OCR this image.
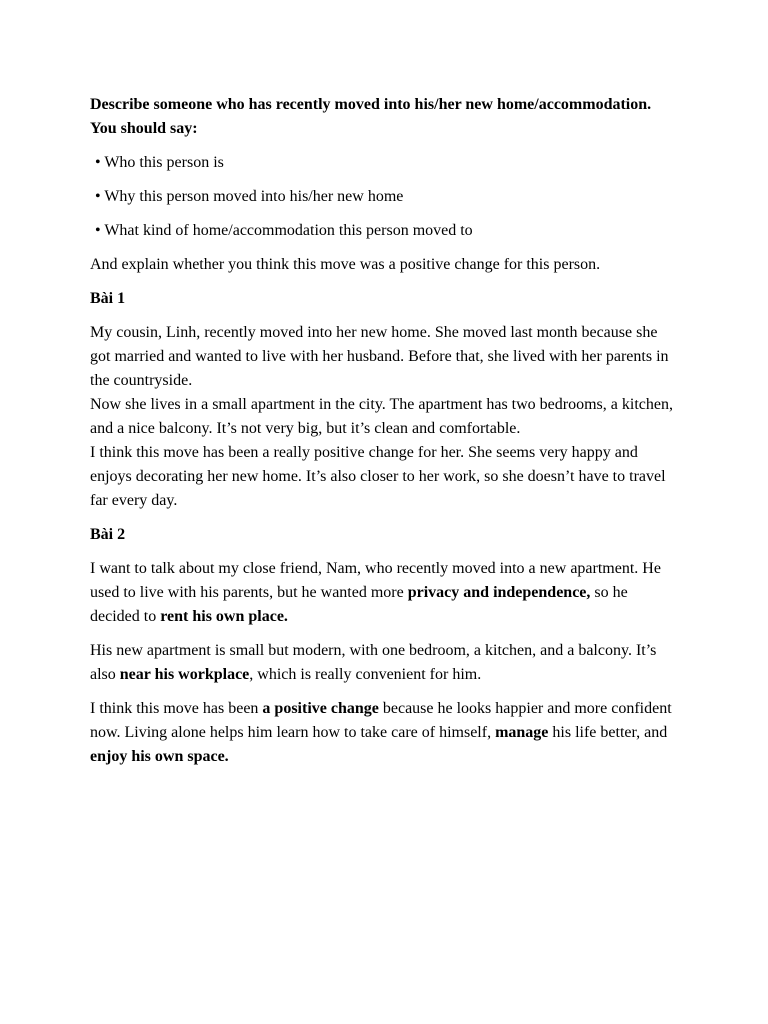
Describe someone who has recently moved into his/her new home/accommodation. You should say:

• Who this person is

• Why this person moved into his/her new home

• What kind of home/accommodation this person moved to

And explain whether you think this move was a positive change for this person.

Bài 1

My cousin, Linh, recently moved into her new home. She moved last month because she got married and wanted to live with her husband. Before that, she lived with her parents in the countryside.

Now she lives in a small apartment in the city. The apartment has two bedrooms, a kitchen, and a nice balcony. It’s not very big, but it’s clean and comfortable.

I think this move has been a really positive change for her. She seems very happy and enjoys decorating her new home. It’s also closer to her work, so she doesn’t have to travel far every day.

Bài 2

I want to talk about my close friend, Nam, who recently moved into a new apartment. He used to live with his parents, but he wanted more privacy and independence, so he decided to rent his own place.

His new apartment is small but modern, with one bedroom, a kitchen, and a balcony. It’s also near his workplace, which is really convenient for him.

I think this move has been a positive change because he looks happier and more confident now. Living alone helps him learn how to take care of himself, manage his life better, and enjoy his own space.
